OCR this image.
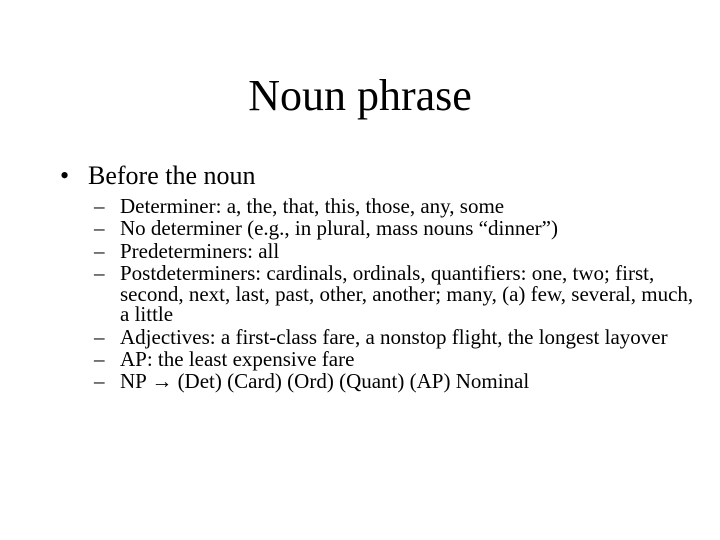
Noun phrase
• Before the noun
– Determiner: a, the, that, this, those, any, some
– No determiner (e.g., in plural, mass nouns “dinner”)
– Predeterminers: all
– Postdeterminers: cardinals, ordinals, quantifiers: one, two; first, second, next, last, past, other, another; many, (a) few, several, much, a little
– Adjectives: a first-class fare, a nonstop flight, the longest layover
– AP: the least expensive fare
– NP → (Det) (Card) (Ord) (Quant) (AP) Nominal
